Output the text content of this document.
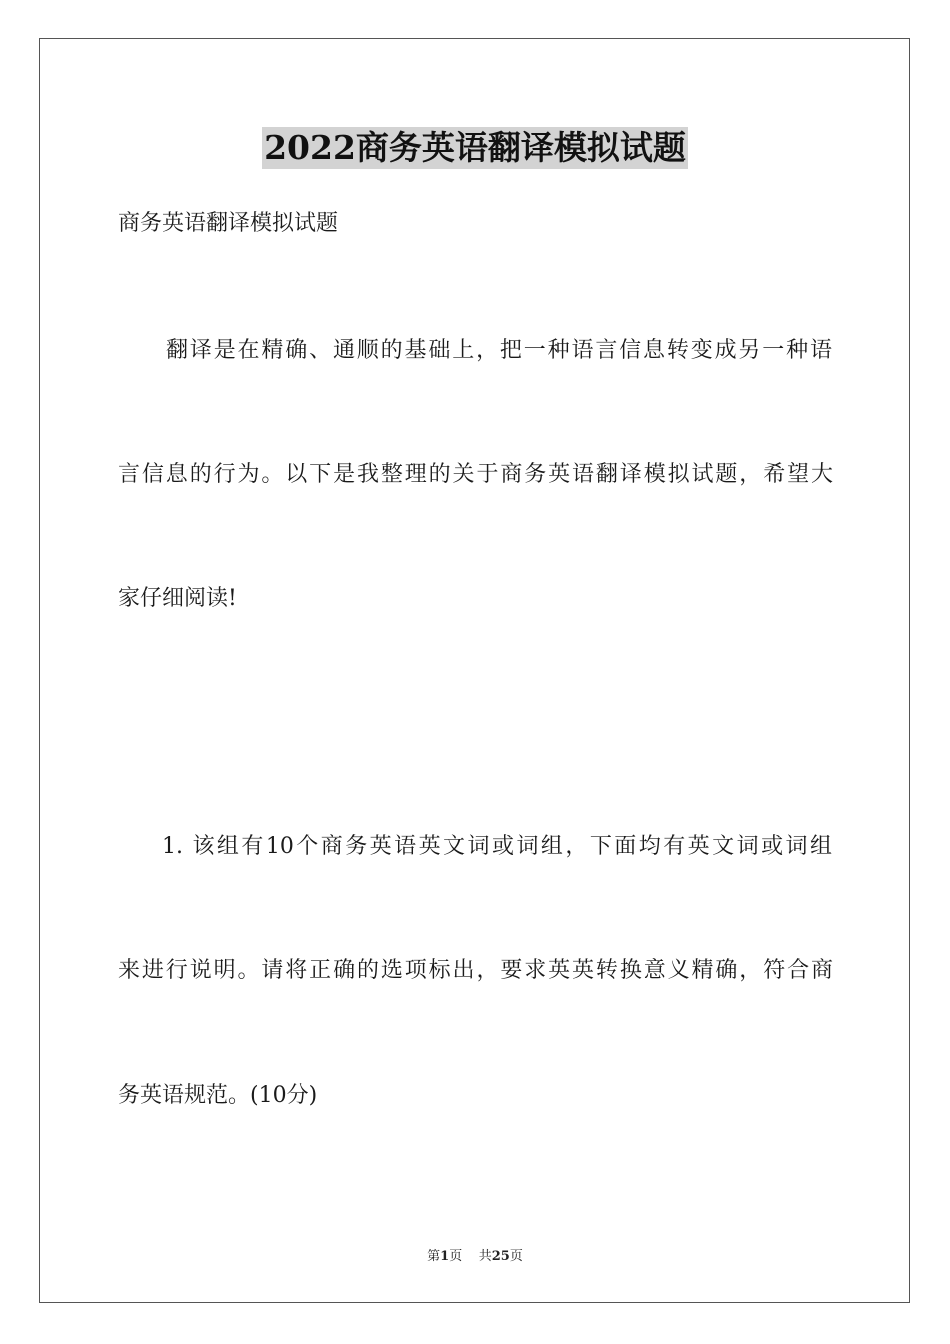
2022商务英语翻译模拟试题
商务英语翻译模拟试题
翻译是在精确、通顺的基础上，把一种语言信息转变成另一种语
言信息的行为。以下是我整理的关于商务英语翻译模拟试题，希望大
家仔细阅读!
1. 该组有10个商务英语英文词或词组，下面均有英文词或词组
来进行说明。请将正确的选项标出，要求英英转换意义精确，符合商
务英语规范。(10分)
第1页 共25页
